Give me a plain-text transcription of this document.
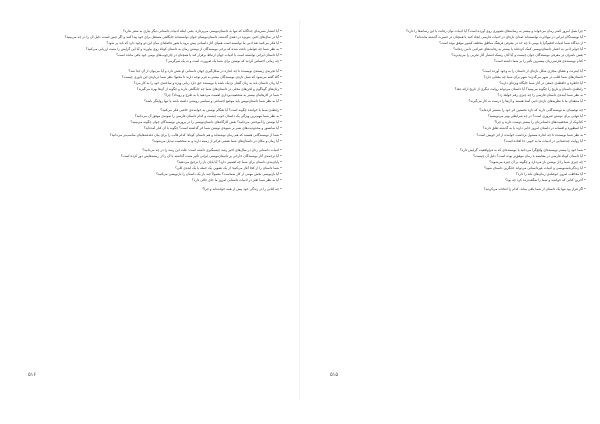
• آیا انتشار نشریه‌ای جداگانه که تنها به داستان‌نویسی می‌پردازد، یعنی اینکه ادبیات داستانی دیگر نیازی به شعر ندارد؟

• آیا در سال‌های اخیر، به‌ویژه در دهه‌ی گذشته، داستان‌نویسان جوان توانسته‌اند جایگاهی مستقل برای خود پیدا کنند و اگر چنین است، دلیل آن را در چه می‌بینید؟

• آیا فکر می‌کنید نقد ادبی ما توانسته است همپای آثار داستانی پیش برود یا هنوز فاصله‌ای میان این دو وجود دارد که باید پر شود؟

• به نظر شما چه عواملی باعث شده که برخی نویسندگان از نوشتن رمان به داستان کوتاه روی بیاورند و آیا این گرایش را مثبت ارزیابی می‌کنید؟

• آیا داستان ایرانی توانسته است با ادبیات جهان ارتباط برقرار کند یا همچنان در چارچوب‌های بومی خود باقی مانده است؟

• چه زمانی احساس کردید که نوشتن برای شما یک ضرورت است و نه یک سرگرمی؟

• آیا تجربه‌ی زیسته‌ی نویسنده تا چه اندازه در شکل‌گیری جهان داستانی او نقش دارد و آیا می‌توان از آن جدا شد؟

• گاه گفته می‌شود که نسل تازه‌ی نویسندگان بیشتر به فرم توجه دارند تا محتوا؛ نظر شما درباره‌ی این داوری چیست؟

• آیا زبان داستان باید به زبان گفتار نزدیک باشد یا نویسنده حق دارد زبانی ویژه و ساخته‌ی خود را به کار ببرد؟

• زبان‌های گوناگون و لحن‌های محلی در داستان‌های شما چه جایگاهی دارند و چگونه از آن‌ها بهره می‌گیرید؟

• شما در کارهایتان بیشتر به شخصیت‌پردازی اهمیت می‌دهید یا به طرح و رویداد؟ چرا؟

• آیا به نظر شما داستان‌نویس باید موضع اجتماعی و سیاسی روشنی داشته باشد یا تنها روایتگر باشد؟

• رابطه‌ی شما با خواننده چگونه است؟ آیا هنگام نوشتن به خواننده‌ی خاصی فکر می‌کنید؟

• به نظر شما مهم‌ترین ویژگی یک داستان خوب چیست و کدام داستان فارسی را نمونه‌ی موفق آن می‌دانید؟

• آیا نوشتن را آموختنی می‌دانید؟ نقش کارگاه‌های داستان‌نویسی را در پرورش نویسندگان جوان چگونه می‌بینید؟

• آیا سانسور و محدودیت‌های نشر بر شیوه‌ی نوشتن شما اثر گذاشته است؟ چگونه با آن کنار آمده‌اید؟

• شما از نویسندگانی هستید که هم رمان نوشته‌اید و هم داستان کوتاه؛ کدام قالب را برای بیان دغدغه‌هایتان مناسب‌تر می‌دانید؟

• آیا زمان و مکان در داستان‌های شما نقشی فراتر از زمینه دارند و به شخصیت تبدیل می‌شوند؟

• ادبیات داستانی زنان در سال‌های اخیر رشد چشمگیری داشته است؛ علت این رشد را در چه می‌دانید؟

• آیا ترجمه‌ی آثار نویسندگان خارجی بر داستان‌نویسی ایرانی تأثیر مثبت گذاشته یا آن را از ریشه‌هایش دور کرده است؟

• پایان‌بندی داستان برای شما چه اهمیتی دارد؟ آیا پایان باز را ترجیح می‌دهید؟

• شما داستان را از کجا آغاز می‌کنید؛ از یک تصویر، یک جمله یا یک ایده‌ی کلی؟

• آیا بازنویسی بخش مهمی از کار شماست؟ معمولاً چند بار یک داستان را بازنویسی می‌کنید؟

• آیا به نظر شما طنز در ادبیات داستانی امروز ما جای خالی دارد؟

• چه کتابی را در زندگی خود بیش از همه خوانده‌اید و چرا؟

۵۱۶

• چرا نسل امروز کمتر رمان می‌خواند و بیشتر به رسانه‌های تصویری روی آورده است؟ آیا ادبیات توان رقابت با این رسانه‌ها را دارد؟

• آیا نویسندگان ایرانی در مهاجرت توانسته‌اند صدای تازه‌ای در ادبیات فارسی ایجاد کنند یا همچنان در حسرت گذشته مانده‌اند؟

• از دیدگاه شما ادبیات اقلیم‌گرا یا بومی تا چه حد در معرفی فرهنگ مناطق مختلف کشور موفق بوده است؟

• آیا جوایز ادبی به اعتبار داستان‌نویسی کمک کرده‌اند یا بیشتر به رقابت‌های غیرادبی دامن زده‌اند؟

• نقش ناشران در معرفی نویسندگان جوان چیست و آیا آنان ریسک انتشار آثار تجربی را می‌پذیرند؟

• کدام نویسنده‌ی فارسی‌زبان بیشترین تأثیر را بر شما داشته است؟

• آیا اینترنت و فضای مجازی شکل تازه‌ای از داستان را به وجود آورده است؟

• داستان‌های شما اغلب در شهر می‌گذرند؛ شهر برای شما چه معنایی دارد؟

• آیا خاطره و حافظه‌ی جمعی در آثار شما جایگاه ویژه‌ای دارند؟

• رابطه‌ی داستان و تاریخ را چگونه می‌بینید؟ آیا داستان می‌تواند روایت دیگری از تاریخ ارائه دهد؟

• به نظر شما آینده‌ی داستان فارسی را چه چیزی رقم خواهد زد؟

• آیا منتقدان ما با نظریه‌های تازه‌ی ادبی آشنا هستند و آن‌ها را درست به کار می‌گیرند؟

• چه توصیه‌ای به نویسندگانی دارید که تازه نخستین اثر خود را منتشر کرده‌اند؟

• آیا تنهایی برای نوشتن ضروری است؟ در چه شرایطی بهتر می‌نویسید؟

• کدام‌یک از شخصیت‌های داستانی‌تان را بیشتر دوست دارید و چرا؟

• آیا اسطوره و افسانه در داستان امروز جایی دارند یا به گذشته تعلق دارند؟

• به نظر شما نویسنده تا چه اندازه مسئول برداشت خواننده از اثر خویش است؟

• آیا روایت چندصدایی در ادبیات ما به خوبی جا افتاده است؟

• شما خود را بیشتر نویسنده‌ای واقع‌گرا می‌دانید یا نویسنده‌ای که به فراواقعیت گرایش دارد؟

• آیا داستان کوتاه فارسی در مقایسه با رمان موفق‌تر بوده است؟ دلیل آن چیست؟

• چه چیزی شما را از نوشتن باز می‌دارد و چگونه بر آن چیره می‌شوید؟

• آیا زندگی‌نامه‌نویسی و ادبیات غیرداستانی می‌تواند جایگزین داستان شود؟

• آیا مخاطب امروز حوصله‌ی رمان‌های بلند را دارد؟

• آخرین کتابی که خواندید و شما را شگفت‌زده کرد چه بود؟

• اگر قرار بود تنها یک داستان از شما باقی بماند، کدام را انتخاب می‌کردید؟

۵۱۵
